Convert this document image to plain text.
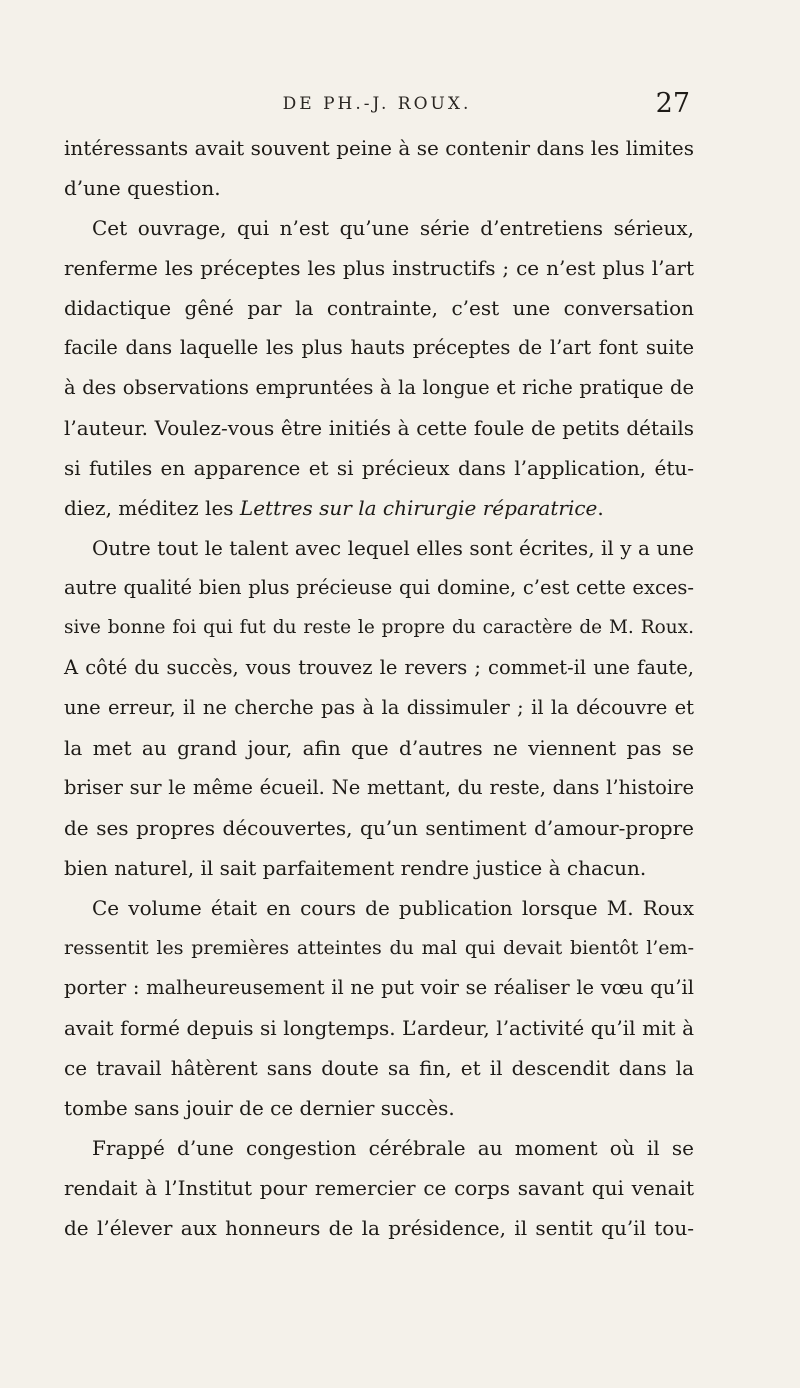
DE PH.-J. ROUX.	27
intéressants avait souvent peine à se contenir dans les limites
d’une question.
Cet ouvrage, qui n’est qu’une série d’entretiens sérieux,
renferme les préceptes les plus instructifs ; ce n’est plus l’art
didactique gêné par la contrainte, c’est une conversation
facile dans laquelle les plus hauts préceptes de l’art font suite
à des observations empruntées à la longue et riche pratique de
l’auteur. Voulez-vous être initiés à cette foule de petits détails
si futiles en apparence et si précieux dans l’application, étu-
diez, méditez les Lettres sur la chirurgie réparatrice.
Outre tout le talent avec lequel elles sont écrites, il y a une
autre qualité bien plus précieuse qui domine, c’est cette exces-
sive bonne foi qui fut du reste le propre du caractère de M. Roux.
A côté du succès, vous trouvez le revers ; commet-il une faute,
une erreur, il ne cherche pas à la dissimuler ; il la découvre et
la met au grand jour, afin que d’autres ne viennent pas se
briser sur le même écueil. Ne mettant, du reste, dans l’histoire
de ses propres découvertes, qu’un sentiment d’amour-propre
bien naturel, il sait parfaitement rendre justice à chacun.
Ce volume était en cours de publication lorsque M. Roux
ressentit les premières atteintes du mal qui devait bientôt l’em-
porter : malheureusement il ne put voir se réaliser le vœu qu’il
avait formé depuis si longtemps. L’ardeur, l’activité qu’il mit à
ce travail hâtèrent sans doute sa fin, et il descendit dans la
tombe sans jouir de ce dernier succès.
Frappé d’une congestion cérébrale au moment où il se
rendait à l’Institut pour remercier ce corps savant qui venait
de l’élever aux honneurs de la présidence, il sentit qu’il tou-
